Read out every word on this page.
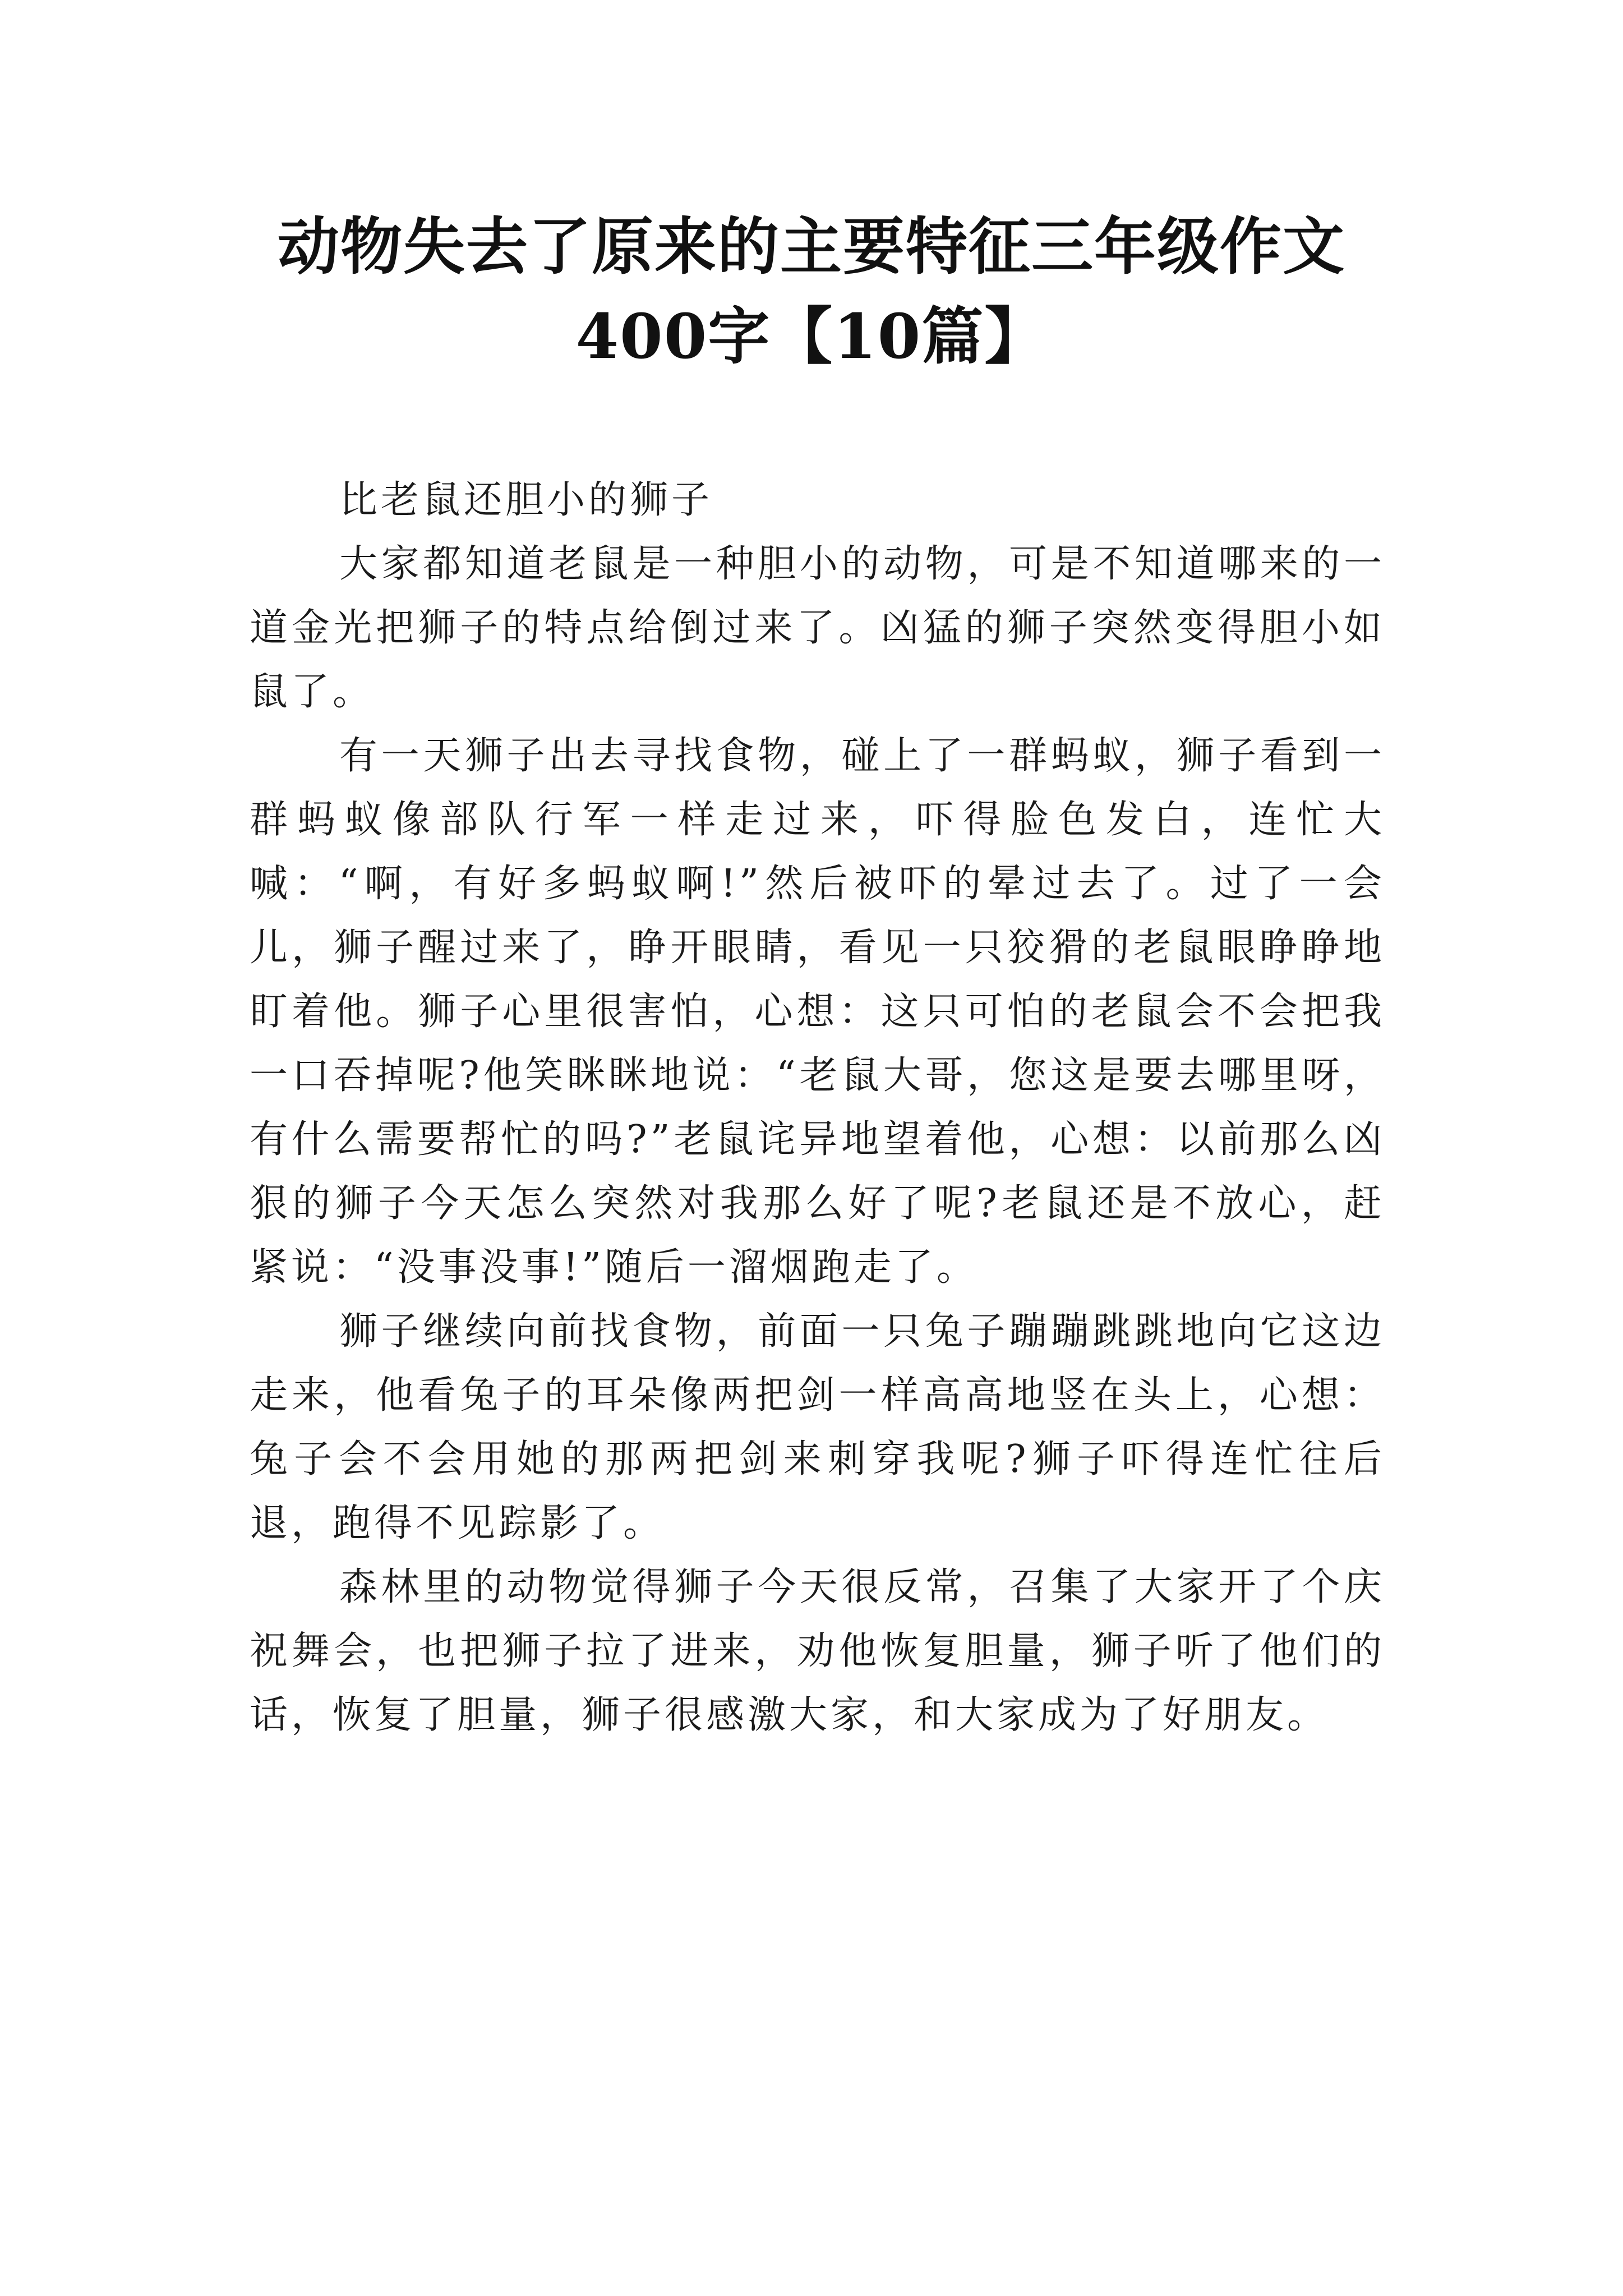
动物失去了原来的主要特征三年级作文400字【10篇】

比老鼠还胆小的狮子

大家都知道老鼠是一种胆小的动物，可是不知道哪来的一道金光把狮子的特点给倒过来了。凶猛的狮子突然变得胆小如鼠了。

有一天狮子出去寻找食物，碰上了一群蚂蚁，狮子看到一群蚂蚁像部队行军一样走过来，吓得脸色发白，连忙大喊：“啊，有好多蚂蚁啊!”然后被吓的晕过去了。过了一会儿，狮子醒过来了，睁开眼睛，看见一只狡猾的老鼠眼睁睁地盯着他。狮子心里很害怕，心想：这只可怕的老鼠会不会把我一口吞掉呢?他笑眯眯地说：“老鼠大哥，您这是要去哪里呀，有什么需要帮忙的吗?”老鼠诧异地望着他，心想：以前那么凶狠的狮子今天怎么突然对我那么好了呢?老鼠还是不放心，赶紧说：“没事没事!”随后一溜烟跑走了。

狮子继续向前找食物，前面一只兔子蹦蹦跳跳地向它这边走来，他看兔子的耳朵像两把剑一样高高地竖在头上，心想：兔子会不会用她的那两把剑来刺穿我呢?狮子吓得连忙往后退，跑得不见踪影了。

森林里的动物觉得狮子今天很反常，召集了大家开了个庆祝舞会，也把狮子拉了进来，劝他恢复胆量，狮子听了他们的话，恢复了胆量，狮子很感激大家，和大家成为了好朋友。
